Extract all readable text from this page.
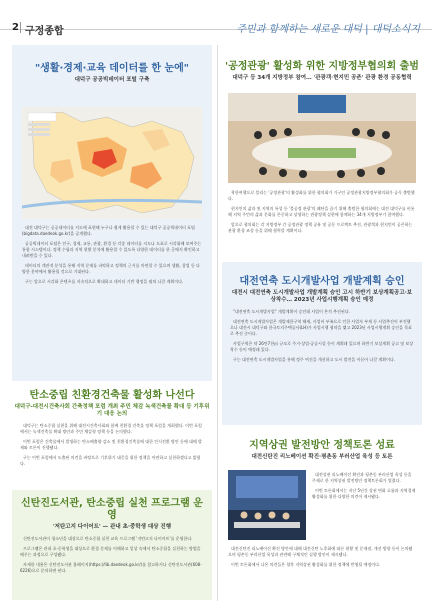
2 구정종합	주민과 함께하는 새로운 대덕 | 대덕소식지
"생활·경제·교육 데이터를 한 눈에"
대덕구 공공빅데이터 포털 구축

대전 대덕구는 공공데이터를 지도에 표현해 누구나 쉽게 활용할 수 있는 대덕구 공공빅데이터 포털(bigdata.daedeok.go.kr)을 공개했다.

공공빅데이터 포털은 인구, 경제, 교통, 관광, 환경 등 각종 데이터를 지도나 도표로 시각화해 보여주는 통합 시스템이다. 정책 수립과 지역 현황 분석에 활용할 수 있도록 다양한 데이터를 한 곳에서 확인하고 내려받을 수 있다.

데이터의 객관적 분석을 통해 지역 문제를 파악하고 정책의 근거를 마련할 수 있으며 생활, 창업 등 다양한 분야에서 활용될 것으로 기대된다.

구는 앞으로 시각화 콘텐츠를 지속적으로 확대하고 데이터 기반 행정을 펼쳐 나갈 계획이다.

탄소중립 친환경건축물 활성화 나선다
대덕구-대전시건축사회 간축정책 포럼 개최 주민 체감 녹색건축물 확대 등 기후위기 대응 논의

대덕구는 탄소중립 실현을 위해 대전시건축사회와 함께 친환경 건축물 정책 포럼을 개최했다. 이번 포럼에서는 녹색건축물 확대 방안과 주민 체감형 정책 등을 논의했다.

이번 포럼은 건축물에서 발생하는 탄소배출량 감소 및 친환경건축물에 대한 인식전환 방안 등에 대해 발제와 토론이 진행됐다.

구는 이번 포럼에서 도출된 의견을 바탕으로 기후위기 대응을 위한 정책을 마련하고 실천하겠다고 밝혔다.

신탄진도서관, 탄소중립 실천 프로그램 운영
'저탄고지 다이어트' — 관내 초·중학생 대상 진행

신탄진도서관이 청소년을 대상으로 탄소중립 실천 교육 프로그램 '저탄고지 다이어트'를 운영한다.

프로그램은 관내 초·중학생을 대상으로 환경 문제를 이해하고 일상 속에서 탄소중립을 실천하는 방법을 배우는 과정으로 구성됐다.

자세한 내용은 신탄진도서관 홈페이지(https://lib.daedeok.go.kr/)를 참고하거나 신탄진도서관(608-6226)으로 문의하면 된다.

'공정관광' 활성화 위한 지방정부협의회 출범
대덕구 등 34개 지방정부 참여… '관광객·현지민 공존' 관광 환경 공동협력

착한여행으로 불리는 '공정관광'의 활성화를 위한 협의회가 기구인 공정관광지방정부협의회가 공식 출범했다.

현지인의 삶과 및 지역의 특성 등 '불공정 관광'의 폐단을 끊기 위해 출범한 협의회에는 대전 대덕구를 비롯해 지역 주민의 삶과 문화를 존중하고 상생하는 관광정책 실현에 함께하는 34개 지방정부가 참여했다.

앞으로 협의회는 각 지방정부 간 공정관광 정책 공유 및 공동 프로젝트 추진, 관광객과 현지민이 공존하는 관광 환경 조성 등을 위해 협력할 계획이다.

대전연축 도시개발사업 개발계획 승인
대전시 대전연축 도시개발사업 개발계획 승인 고시 하반기 보상계획공고·보상착수… 2023년 사업시행계획 승인 예정

"대전연축 도시개발사업" 개발계획이 승인돼 사업이 본격 추진된다.

대전연축 도시개발사업은 개발제한구역 해제, 사업비 부족으로 인한 사업자 부재 등 사업추진이 부진했으나 대전시 대덕구와 한국토지주택공사(LH)가 사업시행 협약을 맺고 2023년 사업시행계획 승인을 목표로 추진 중이다.

사업구역은 약 26만7천㎡ 규모로 주거·상업·공공시설 등이 계획돼 있으며 하반기 보상계획 공고 및 보상 착수 등이 예정돼 있다.

구는 대전연축 도시개발사업을 통해 정주 여건을 개선하고 도시 발전을 이끌어 나갈 계획이다.

지역상권 발전방안 정책토론 성료
대전신탄진 리노베이션 확진·평촌동 부러산업 육성 등 토론

대전상권 리노베이션 확진과 평촌동 부러산업 육성 등을 주제로 한 지역상권 발전방안 정책토론회가 열렸다.

이번 토론회에서는 지난 5년간 상권 변화 흐름과 지역경제 활성화를 위한 다양한 의견이 제시됐다.

대전신탄진 리노베이션 확진 방안에 대해 대전신탄 노후화에 따른 현황 및 문제점, 개선 방향 등이 논의됐으며 평촌동 부러산업 육성과 관련해 구체적인 실행 방안이 제시됐다.

이번 토론회에서 나온 의견들은 향후 지역상권 활성화를 위한 정책에 반영될 예정이다.
